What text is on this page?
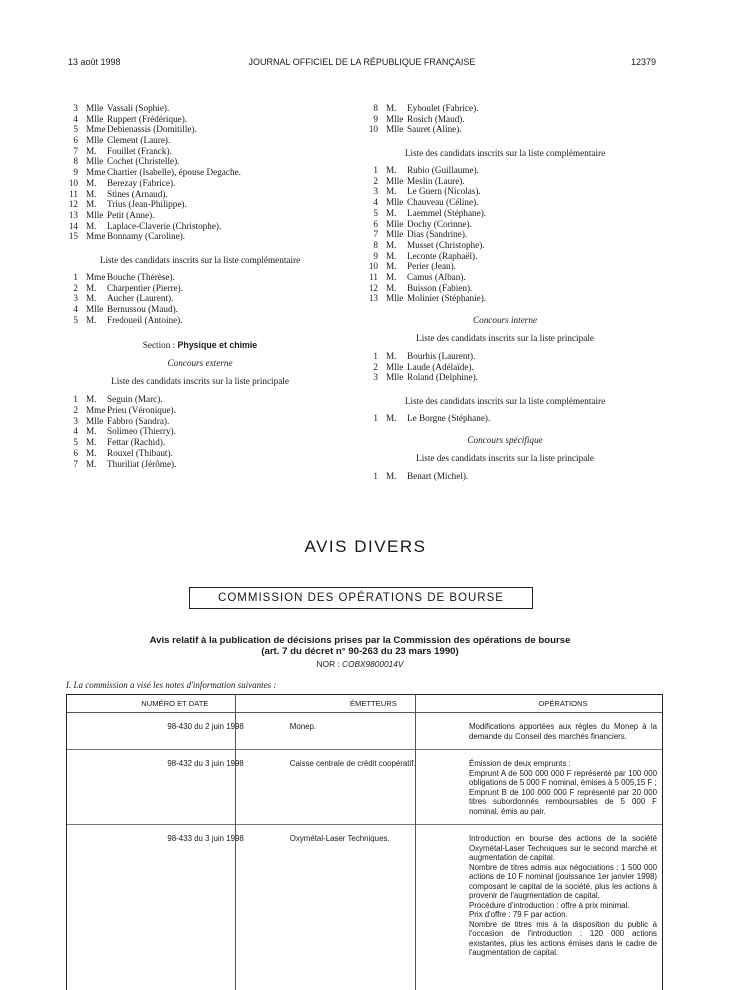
13 août 1998	JOURNAL OFFICIEL DE LA RÉPUBLIQUE FRANÇAISE	12379
3 Mlle Vassali (Sophie).
4 Mlle Ruppert (Frédérique).
5 Mme Debienassis (Domitille).
6 Mlle Clement (Laure).
7 M. Fouillet (Franck).
8 Mlle Cochet (Christelle).
9 Mme Chartier (Isabelle), épouse Degache.
10 M. Berezay (Fabrice).
11 M. Stines (Arnaud).
12 M. Trius (Jean-Philippe).
13 Mlle Petit (Anne).
14 M. Laplace-Claverie (Christophe).
15 Mme Bonnamy (Caroline).
Liste des candidats inscrits sur la liste complémentaire
1 Mme Bouche (Thérèse).
2 M. Charpentier (Pierre).
3 M. Aucher (Laurent).
4 Mlle Bernussou (Maud).
5 M. Fredoueil (Antoine).
Section : Physique et chimie
Concours externe
Liste des candidats inscrits sur la liste principale
1 M. Seguin (Marc).
2 Mme Prieu (Véronique).
3 Mlle Fabbro (Sandra).
4 M. Solimeo (Thierry).
5 M. Fettar (Rachid).
6 M. Rouxel (Thibaut).
7 M. Thuriliat (Jérôme).
8 M. Eyboulet (Fabrice).
9 Mlle Rosich (Maud).
10 Mlle Sauret (Aline).
Liste des candidats inscrits sur la liste complémentaire
1 M. Rubio (Guillaume).
2 Mlle Meslin (Laure).
3 M. Le Guern (Nicolas).
4 Mlle Chauveau (Céline).
5 M. Laemmel (Stéphane).
6 Mlle Dochy (Corinne).
7 Mlle Dias (Sandrine).
8 M. Musset (Christophe).
9 M. Leconte (Raphaël).
10 M. Perier (Jean).
11 M. Camus (Alban).
12 M. Buisson (Fabien).
13 Mlle Molinier (Stéphanie).
Concours interne
Liste des candidats inscrits sur la liste principale
1 M. Bourhis (Laurent).
2 Mlle Laude (Adélaïde).
3 Mlle Roland (Delphine).
Liste des candidats inscrits sur la liste complémentaire
1 M. Le Borgne (Stéphane).
Concours spécifique
Liste des candidats inscrits sur la liste principale
1 M. Benart (Michel).
AVIS DIVERS
COMMISSION DES OPÉRATIONS DE BOURSE
Avis relatif à la publication de décisions prises par la Commission des opérations de bourse
(art. 7 du décret n° 90-263 du 23 mars 1990)
NOR : COBX9800014V
I. La commission a visé les notes d'information suivantes :
NUMÉRO ET DATE	ÉMETTEURS	OPÉRATIONS
98-430 du 2 juin 1998	Monep.	Modifications apportées aux règles du Monep à la demande du Conseil des marchés financiers.

98-432 du 3 juin 1998	Caisse centrale de crédit coopératif.	Émission de deux emprunts :
Emprunt A de 500 000 000 F représenté par 100 000 obligations de 5 000 F nominal, émises à 5 005,15 F ;
Emprunt B de 100 000 000 F représenté par 20 000 titres subordonnés remboursables de 5 000 F nominal, émis au pair.

98-433 du 3 juin 1998	Oxymétal-Laser Techniques.	Introduction en bourse des actions de la société Oxymétal-Laser Techniques sur le second marché et augmentation de capital.
Nombre de titres admis aux négociations : 1 500 000 actions de 10 F nominal (jouissance 1er janvier 1998) composant le capital de la société, plus les actions à provenir de l'augmentation de capital.
Procédure d'introduction : offre à prix minimal.
Prix d'offre : 79 F par action.
Nombre de titres mis à la disposition du public à l'occasion de l'introduction : 120 000 actions existantes, plus les actions émises dans le cadre de l'augmentation de capital.
